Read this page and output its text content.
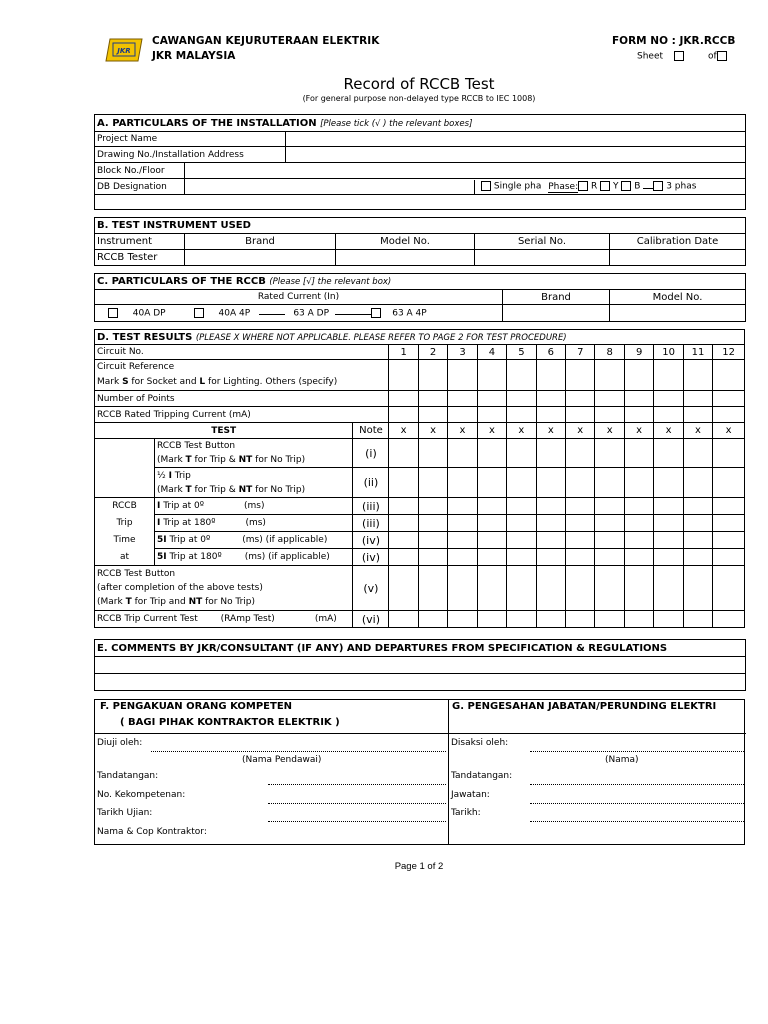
JKR
CAWANGAN KEJURUTERAAN ELEKTRIK
JKR MALAYSIA
FORM NO : JKR.RCCB
Sheet	of
Record of RCCB Test
(For general purpose non-delayed type RCCB to IEC 1008)
A. PARTICULARS OF THE INSTALLATION [Please tick (√ ) the relevant boxes]		
Project Name		
Drawing No./Installation Address		
Block No./Floor		
DB Designation	Single pha Phase: R Y B 3 phas	

B. TEST INSTRUMENT USED				
Instrument	Brand	Model No.	Serial No.	Calibration Date
RCCB Tester				
C. PARTICULARS OF THE RCCB (Please [√] the relevant box)		
Rated Current (In)	Brand	Model No.
40A DP 40A 4P 63 A DP 63 A 4P		
D. TEST RESULTS (PLEASE X WHERE NOT APPLICABLE. PLEASE REFER TO PAGE 2 FOR TEST PROCEDURE)														
Circuit No.			1	2	3	4	5	6	7	8	9	10	11	12
Circuit Reference
Mark S for Socket and L for Lighting. Others (specify)														
Number of Points														
RCCB Rated Tripping Current (mA)														
TEST		Note	x	x	x	x	x	x	x	x	x	x	x	x
	RCCB Test Button
(Mark T for Trip & NT for No Trip)	(i)												
	½ I Trip
(Mark T for Trip & NT for No Trip)	(ii)												
RCCB	I Trip at 0º (ms)	(iii)												
Trip	I Trip at 180º (ms)	(iii)												
Time	5I Trip at 0º (ms) (if applicable)	(iv)												
at	5I Trip at 180º (ms) (if applicable)	(iv)												
RCCB Test Button
(after completion of the above tests)
(Mark T for Trip and NT for No Trip)		(v)												
RCCB Trip Current Test (RAmp Test) (mA)		(vi)												
E. COMMENTS BY JKR/CONSULTANT (IF ANY) AND DEPARTURES FROM SPECIFICATION & REGULATIONS

F. PENGAKUAN ORANG KOMPETEN
( BAGI PIHAK KONTRAKTOR ELEKTRIK )
Diuji oleh:
(Nama Pendawai)
Tandatangan:
No. Kekompetenan:
Tarikh Ujian:
Nama & Cop Kontraktor:
G. PENGESAHAN JABATAN/PERUNDING ELEKTRI
Disaksi oleh:
(Nama)
Tandatangan:
Jawatan:
Tarikh:
Page 1 of 2
